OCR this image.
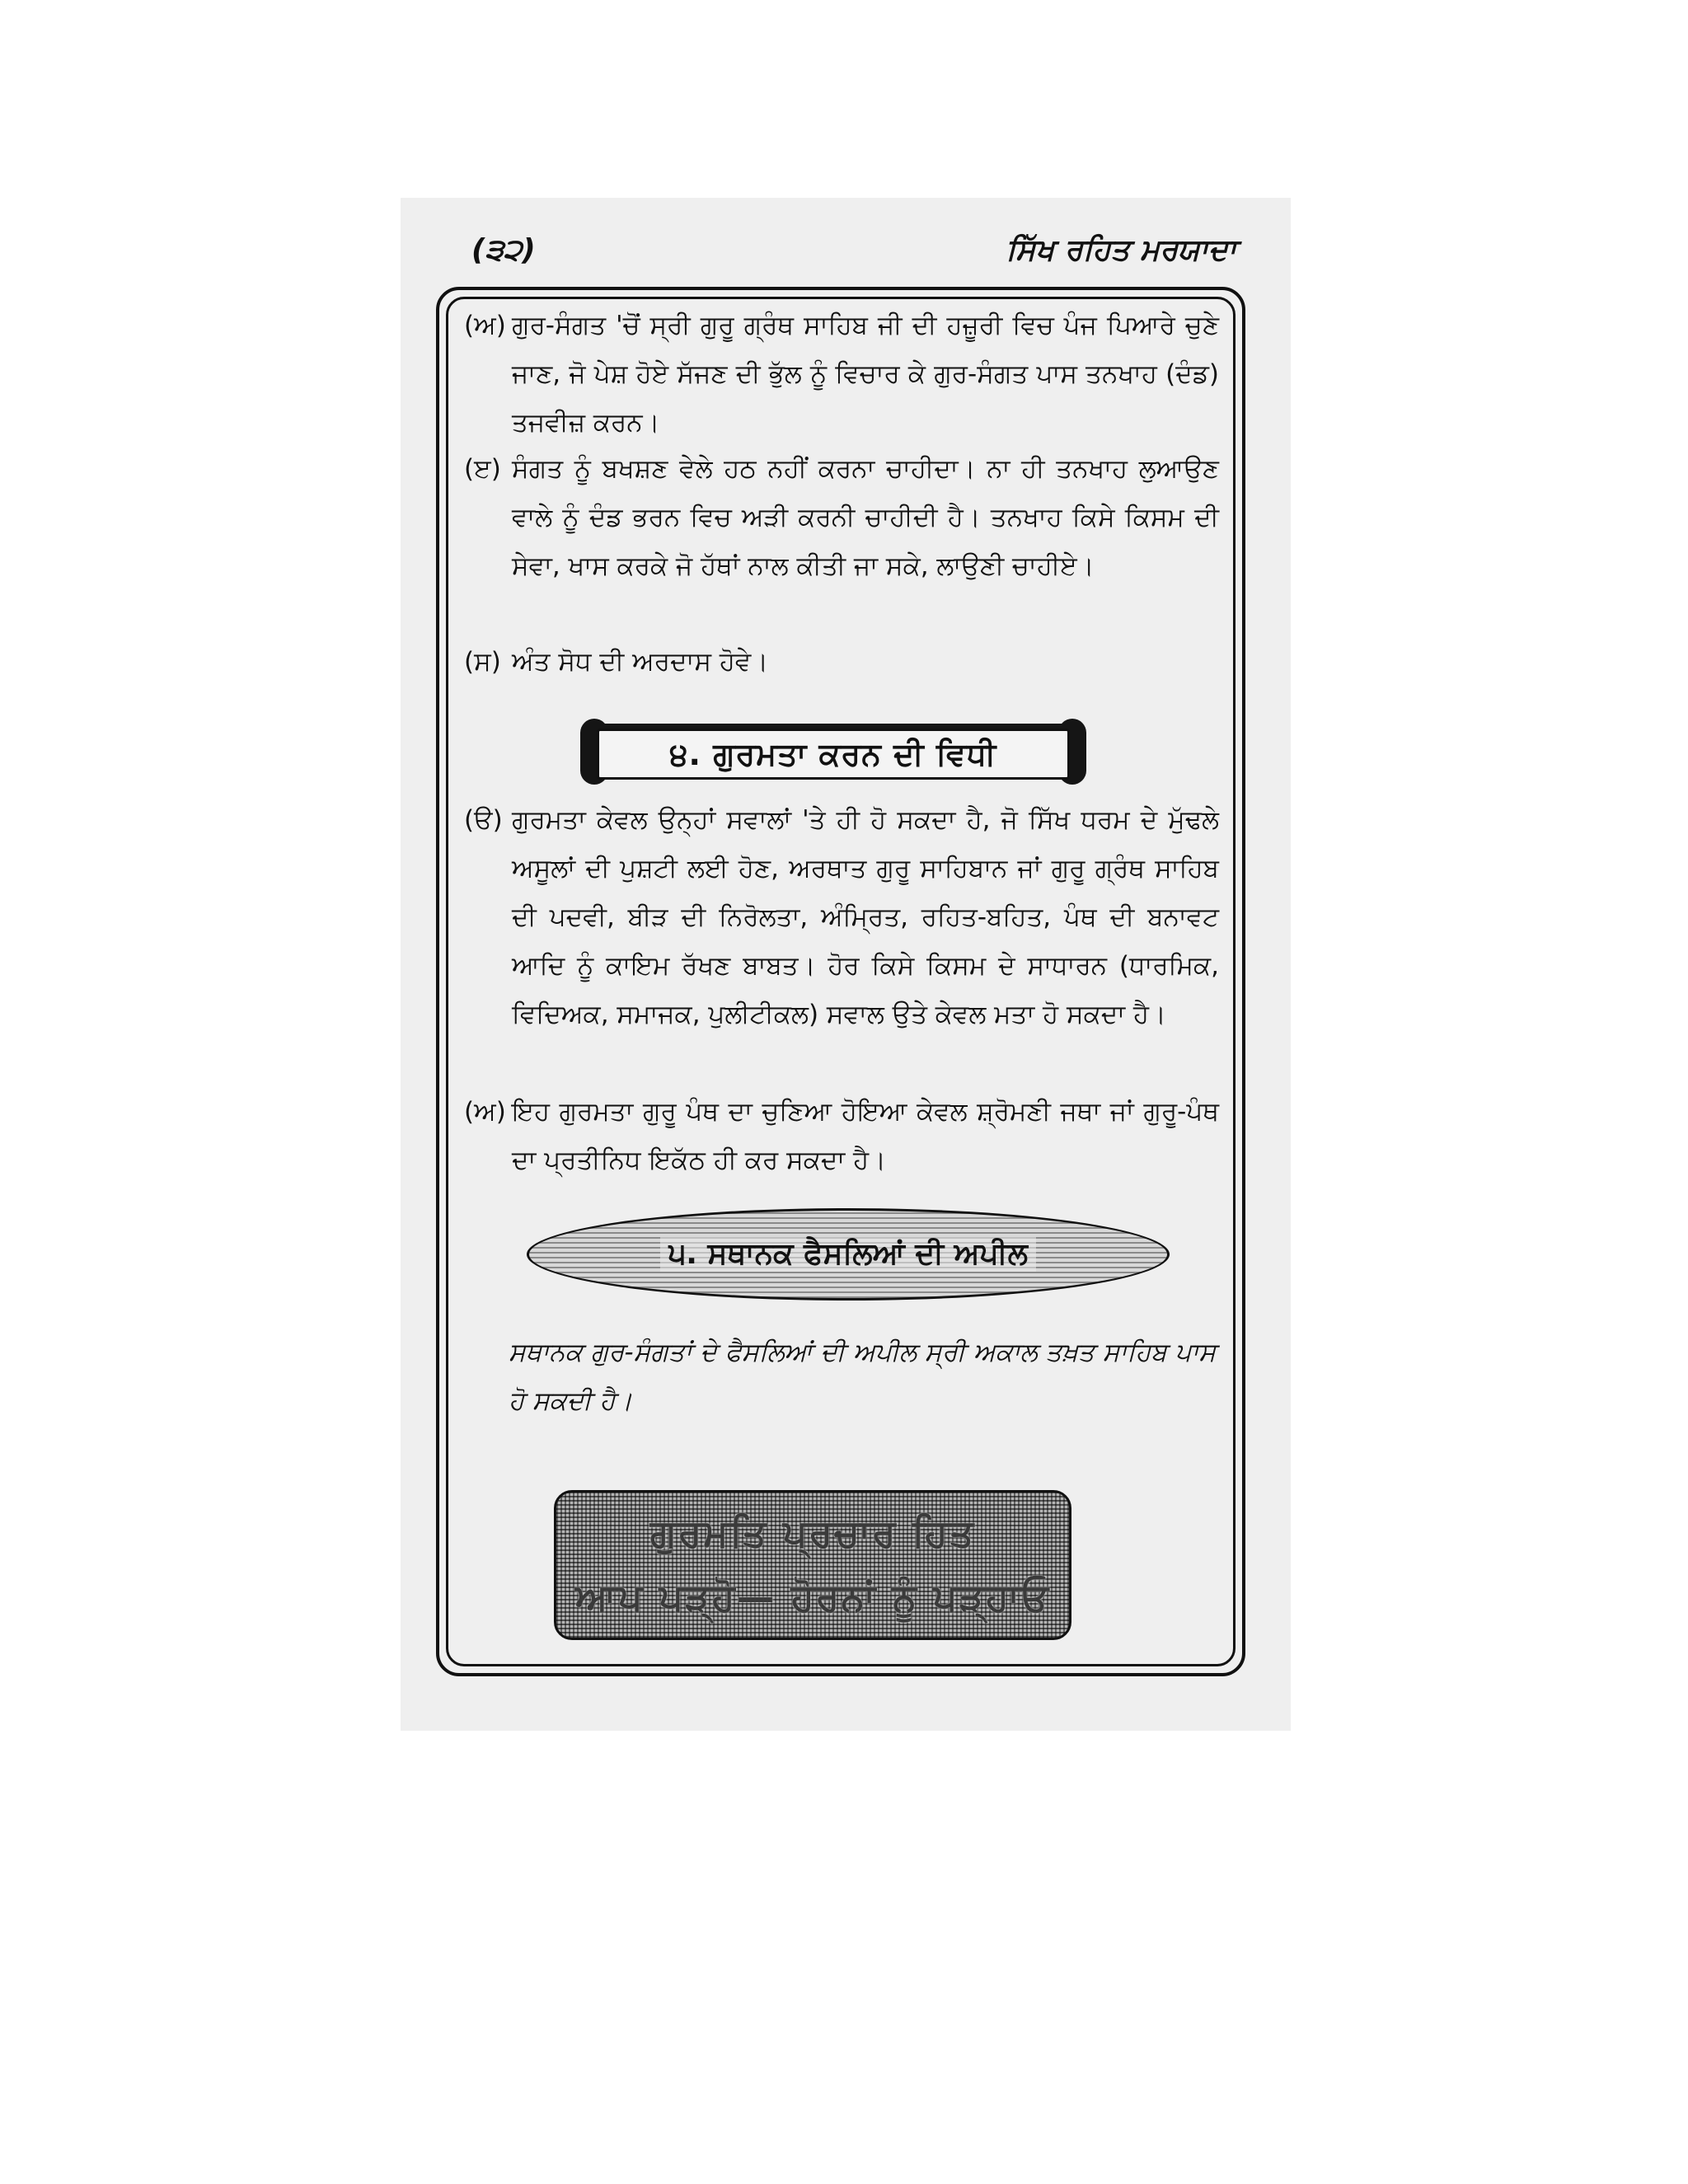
(੩੨)	ਸਿੱਖ ਰਹਿਤ ਮਰਯਾਦਾ
(ਅ) ਗੁਰ-ਸੰਗਤ 'ਚੋਂ ਸ੍ਰੀ ਗੁਰੂ ਗ੍ਰੰਥ ਸਾਹਿਬ ਜੀ ਦੀ ਹਜ਼ੂਰੀ ਵਿਚ ਪੰਜ ਪਿਆਰੇ ਚੁਣੇ ਜਾਣ, ਜੋ ਪੇਸ਼ ਹੋਏ ਸੱਜਣ ਦੀ ਭੁੱਲ ਨੂੰ ਵਿਚਾਰ ਕੇ ਗੁਰ-ਸੰਗਤ ਪਾਸ ਤਨਖਾਹ (ਦੰਡ) ਤਜਵੀਜ਼ ਕਰਨ।
(ੲ) ਸੰਗਤ ਨੂੰ ਬਖਸ਼ਣ ਵੇਲੇ ਹਠ ਨਹੀਂ ਕਰਨਾ ਚਾਹੀਦਾ। ਨਾ ਹੀ ਤਨਖਾਹ ਲੁਆਉਣ ਵਾਲੇ ਨੂੰ ਦੰਡ ਭਰਨ ਵਿਚ ਅੜੀ ਕਰਨੀ ਚਾਹੀਦੀ ਹੈ। ਤਨਖਾਹ ਕਿਸੇ ਕਿਸਮ ਦੀ ਸੇਵਾ, ਖਾਸ ਕਰਕੇ ਜੋ ਹੱਥਾਂ ਨਾਲ ਕੀਤੀ ਜਾ ਸਕੇ, ਲਾਉਣੀ ਚਾਹੀਏ।
(ਸ) ਅੰਤ ਸੋਧ ਦੀ ਅਰਦਾਸ ਹੋਵੇ।
੪. ਗੁਰਮਤਾ ਕਰਨ ਦੀ ਵਿਧੀ
(ੳ) ਗੁਰਮਤਾ ਕੇਵਲ ਉਨ੍ਹਾਂ ਸਵਾਲਾਂ 'ਤੇ ਹੀ ਹੋ ਸਕਦਾ ਹੈ, ਜੋ ਸਿੱਖ ਧਰਮ ਦੇ ਮੁੱਢਲੇ ਅਸੂਲਾਂ ਦੀ ਪੁਸ਼ਟੀ ਲਈ ਹੋਣ, ਅਰਥਾਤ ਗੁਰੂ ਸਾਹਿਬਾਨ ਜਾਂ ਗੁਰੂ ਗ੍ਰੰਥ ਸਾਹਿਬ ਦੀ ਪਦਵੀ, ਬੀੜ ਦੀ ਨਿਰੋਲਤਾ, ਅੰਮ੍ਰਿਤ, ਰਹਿਤ-ਬਹਿਤ, ਪੰਥ ਦੀ ਬਨਾਵਟ ਆਦਿ ਨੂੰ ਕਾਇਮ ਰੱਖਣ ਬਾਬਤ। ਹੋਰ ਕਿਸੇ ਕਿਸਮ ਦੇ ਸਾਧਾਰਨ (ਧਾਰਮਿਕ, ਵਿਦਿਅਕ, ਸਮਾਜਕ, ਪੁਲੀਟੀਕਲ) ਸਵਾਲ ਉਤੇ ਕੇਵਲ ਮਤਾ ਹੋ ਸਕਦਾ ਹੈ।
(ਅ) ਇਹ ਗੁਰਮਤਾ ਗੁਰੂ ਪੰਥ ਦਾ ਚੁਣਿਆ ਹੋਇਆ ਕੇਵਲ ਸ਼੍ਰੋਮਣੀ ਜਥਾ ਜਾਂ ਗੁਰੂ-ਪੰਥ ਦਾ ਪ੍ਰਤੀਨਿਧ ਇਕੱਠ ਹੀ ਕਰ ਸਕਦਾ ਹੈ।
੫. ਸਥਾਨਕ ਫੈਸਲਿਆਂ ਦੀ ਅਪੀਲ
ਸਥਾਨਕ ਗੁਰ-ਸੰਗਤਾਂ ਦੇ ਫੈਸਲਿਆਂ ਦੀ ਅਪੀਲ ਸ੍ਰੀ ਅਕਾਲ ਤਖ਼ਤ ਸਾਹਿਬ ਪਾਸ ਹੋ ਸਕਦੀ ਹੈ।
ਗੁਰਮਤਿ ਪ੍ਰਚਾਰ ਹਿਤ
ਆਪ ਪੜ੍ਹੋ— ਹੋਰਨਾਂ ਨੂੰ ਪੜ੍ਹਾਓ
